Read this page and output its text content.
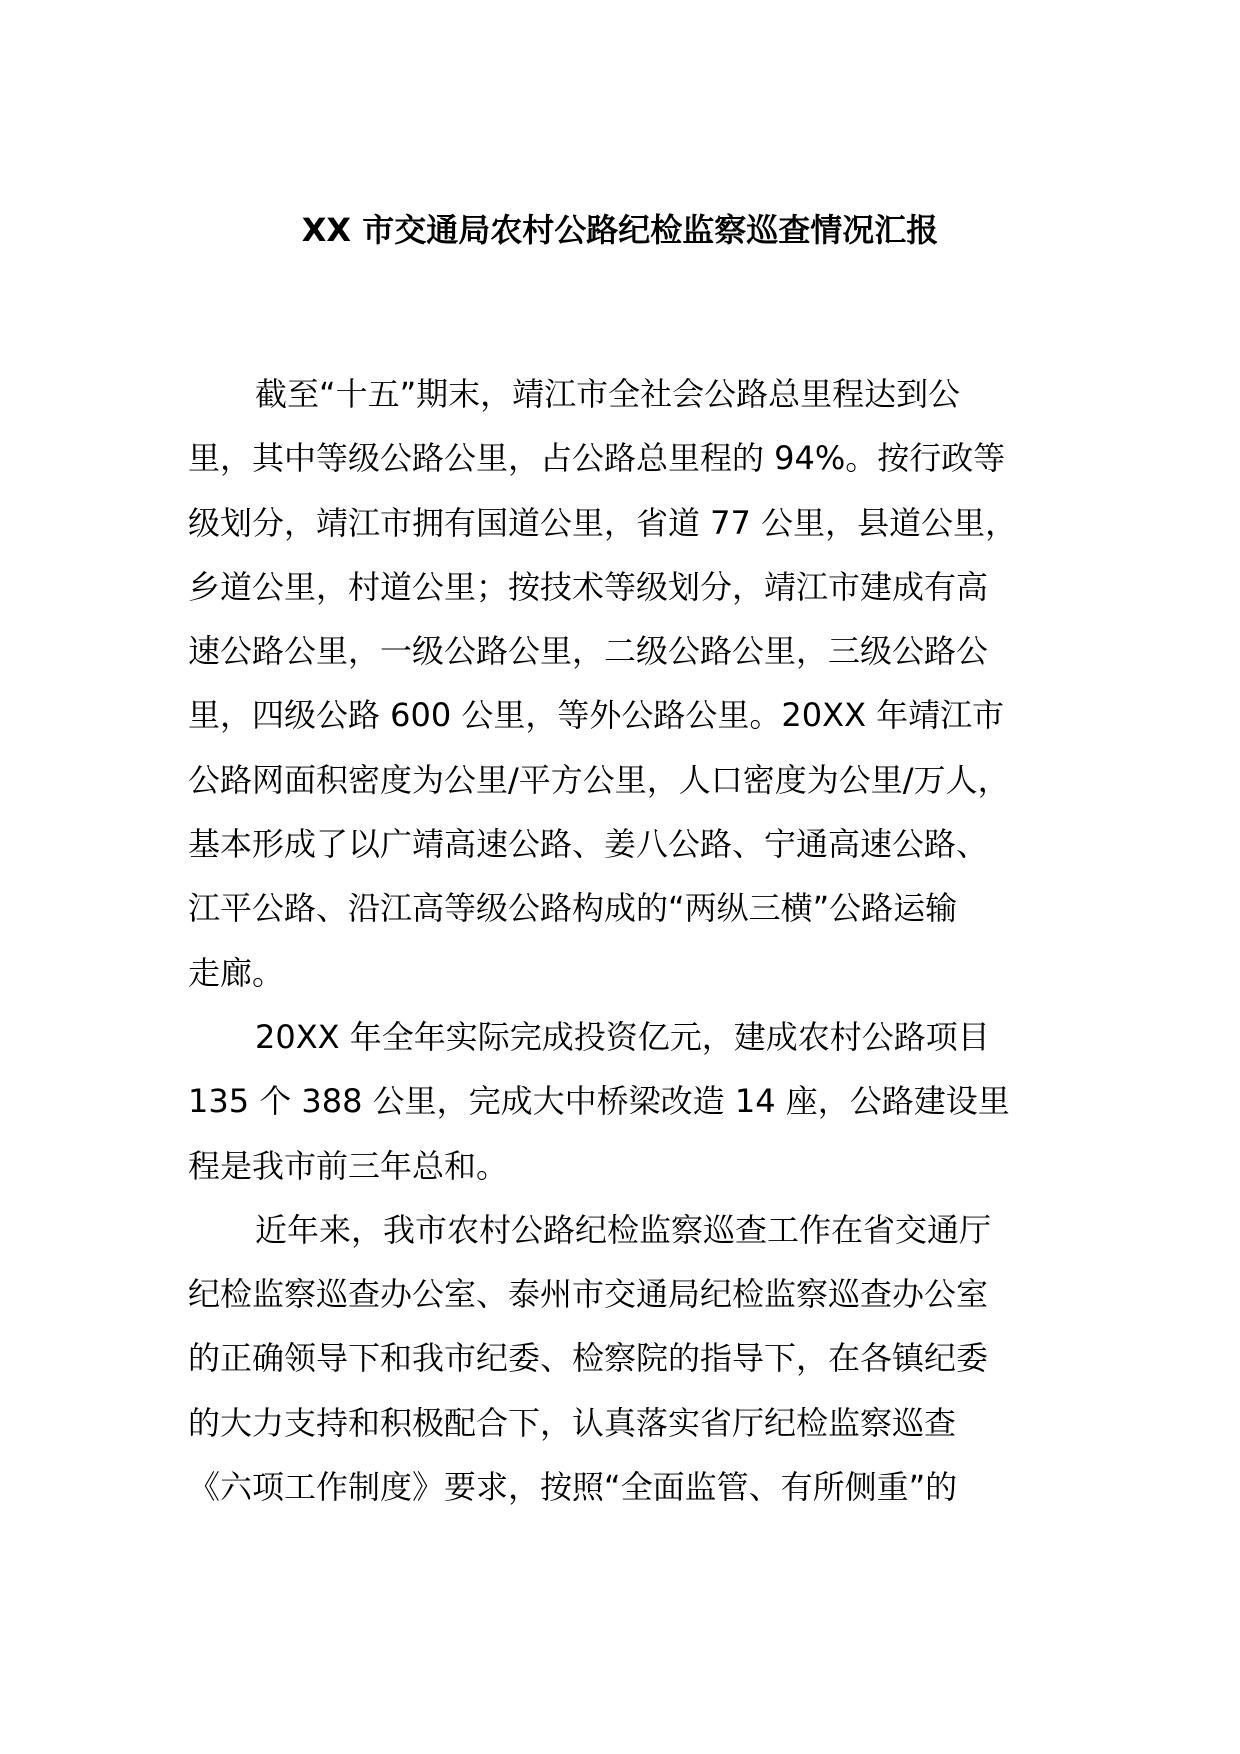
XX 市交通局农村公路纪检监察巡查情况汇报
截至“十五”期末，靖江市全社会公路总里程达到公
里，其中等级公路公里，占公路总里程的 94%。按行政等
级划分，靖江市拥有国道公里，省道 77 公里，县道公里，
乡道公里，村道公里；按技术等级划分，靖江市建成有高
速公路公里，一级公路公里，二级公路公里，三级公路公
里，四级公路 600 公里，等外公路公里。20XX 年靖江市
公路网面积密度为公里/平方公里，人口密度为公里/万人，
基本形成了以广靖高速公路、姜八公路、宁通高速公路、
江平公路、沿江高等级公路构成的“两纵三横”公路运输
走廊。
20XX 年全年实际完成投资亿元，建成农村公路项目
135 个 388 公里，完成大中桥梁改造 14 座，公路建设里
程是我市前三年总和。
近年来，我市农村公路纪检监察巡查工作在省交通厅
纪检监察巡查办公室、泰州市交通局纪检监察巡查办公室
的正确领导下和我市纪委、检察院的指导下，在各镇纪委
的大力支持和积极配合下，认真落实省厅纪检监察巡查
《六项工作制度》要求，按照“全面监管、有所侧重”的
